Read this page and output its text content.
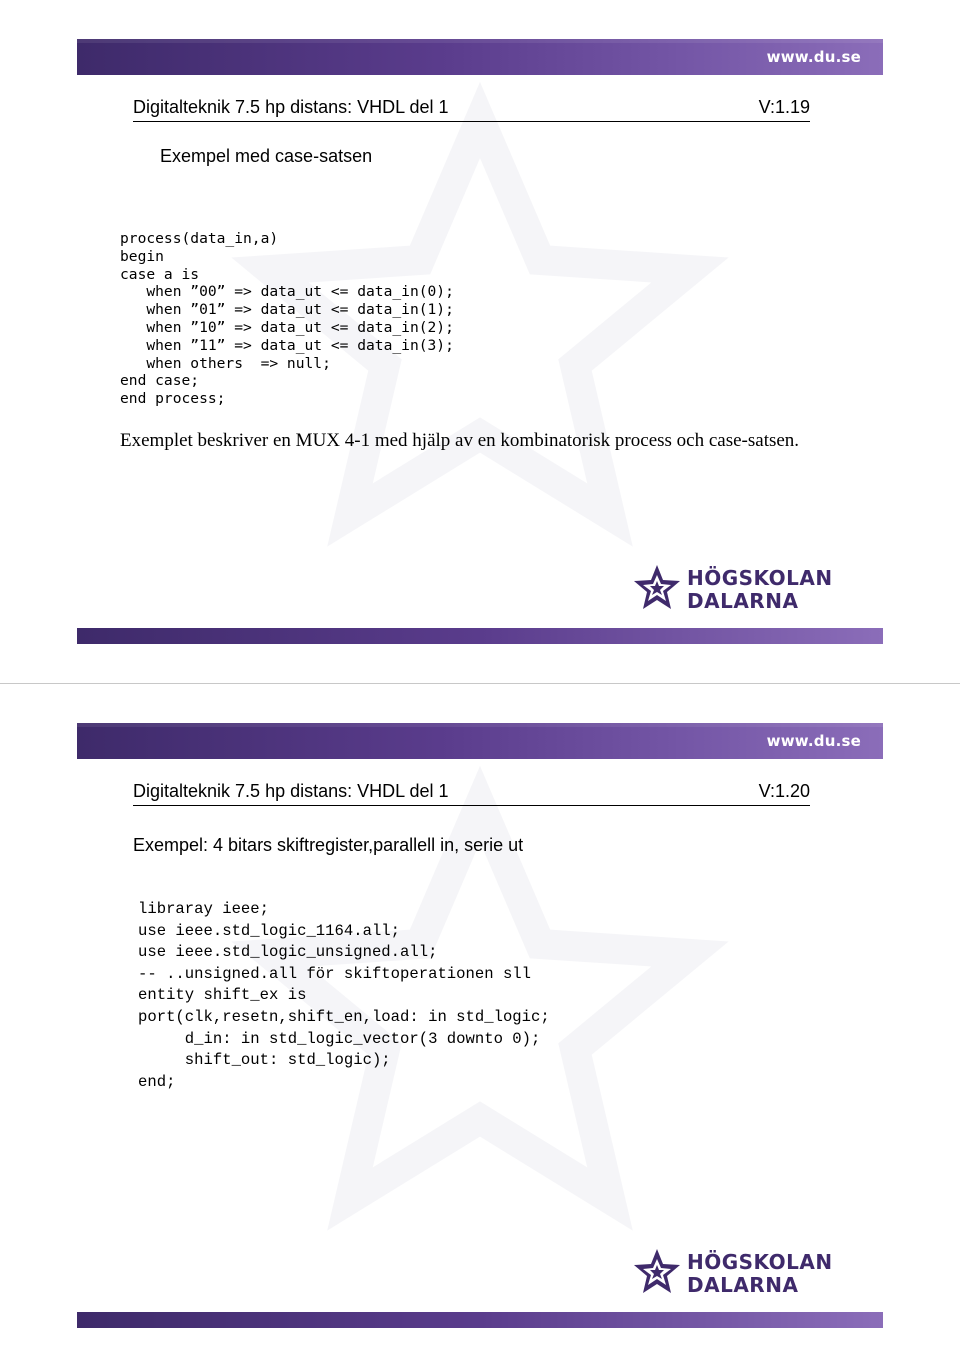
www.du.se
Digitalteknik 7.5 hp distans: VHDL del 1	V:1.19
Exempel med case-satsen
process(data_in,a)
begin
case a is
when ”00” => data_ut <= data_in(0);
when ”01” => data_ut <= data_in(1);
when ”10” => data_ut <= data_in(2);
when ”11” => data_ut <= data_in(3);
when others  => null;
end case;
end process;
Exemplet beskriver en MUX 4-1 med hjälp av en kombinatorisk process och case-satsen.
HÖGSKOLAN
DALARNA
www.du.se
Digitalteknik 7.5 hp distans: VHDL del 1	V:1.20
Exempel: 4 bitars skiftregister,parallell in, serie ut
libraray ieee;
use ieee.std_logic_1164.all;
use ieee.std_logic_unsigned.all;
-- ..unsigned.all för skiftoperationen sll
entity shift_ex is
port(clk,resetn,shift_en,load: in std_logic;
d_in: in std_logic_vector(3 downto 0);
shift_out: std_logic);
end;
HÖGSKOLAN
DALARNA
